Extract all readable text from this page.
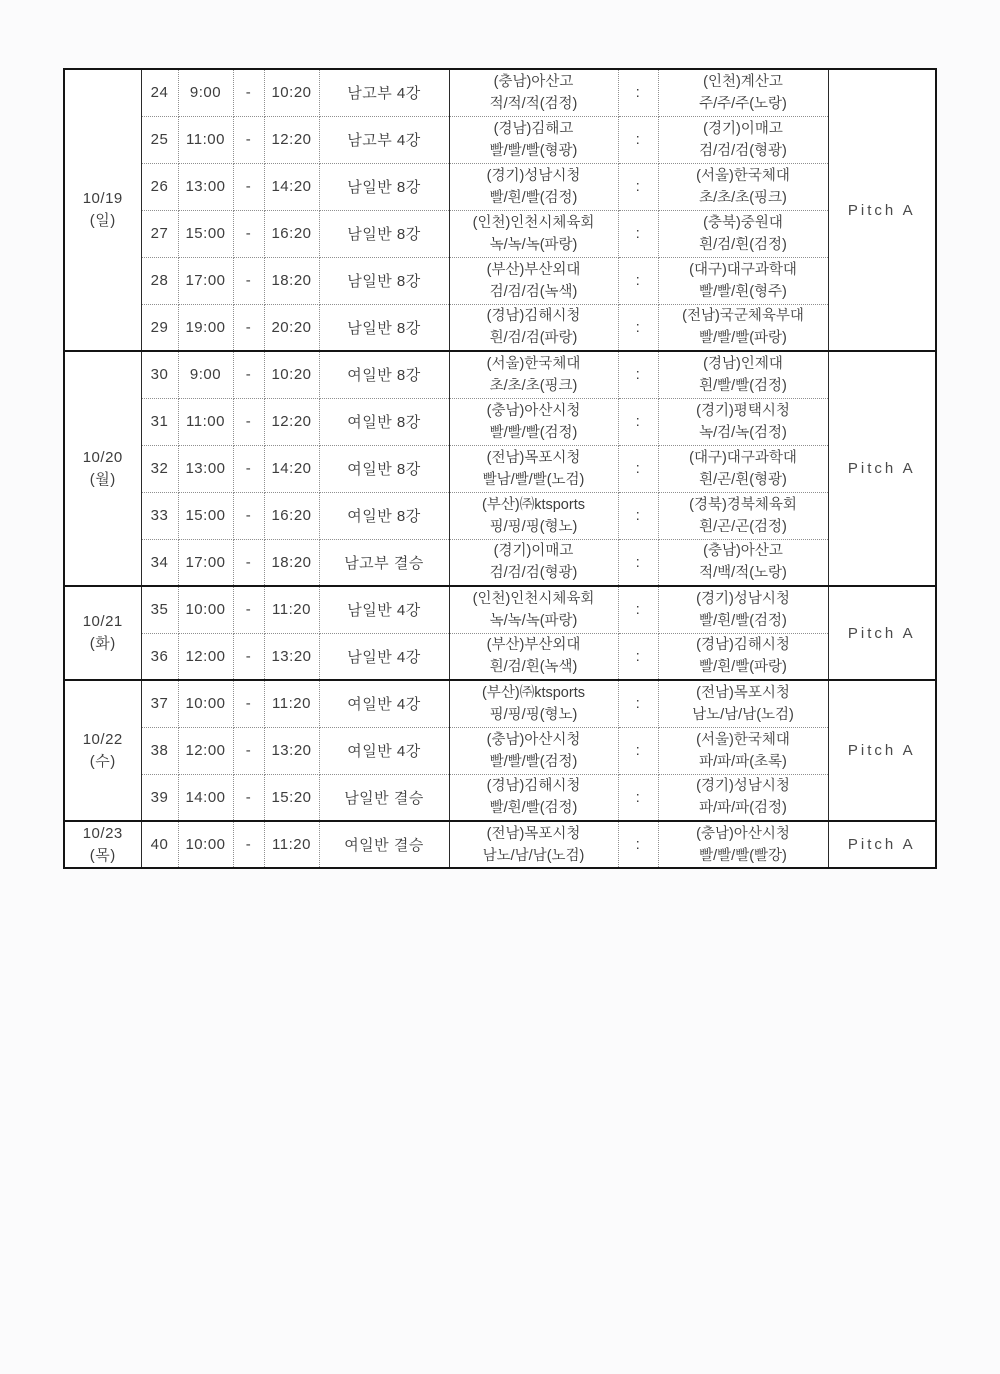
10/19
(일)
	24	9:00	-	10:20	남고부 4강	
(충남)아산고
적/적/적(검정)
	:	
(인천)계산고
주/주/주(노랑)
	Pitch A
25	11:00	-	12:20	남고부 4강	
(경남)김해고
빨/빨/빨(형광)
	:	
(경기)이매고
검/검/검(형광)

26	13:00	-	14:20	남일반 8강	
(경기)성남시청
빨/흰/빨(검정)
	:	
(서울)한국체대
초/초/초(핑크)

27	15:00	-	16:20	남일반 8강	
(인천)인천시체육회
녹/녹/녹(파랑)
	:	
(충북)중원대
흰/검/흰(검정)

28	17:00	-	18:20	남일반 8강	
(부산)부산외대
검/검/검(녹색)
	:	
(대구)대구과학대
빨/빨/흰(형주)

29	19:00	-	20:20	남일반 8강	
(경남)김해시청
흰/검/검(파랑)
	:	
(전남)국군체육부대
빨/빨/빨(파랑)

10/20
(월)
	30	9:00	-	10:20	여일반 8강	
(서울)한국체대
초/초/초(핑크)
	:	
(경남)인제대
흰/빨/빨(검정)
	Pitch A
31	11:00	-	12:20	여일반 8강	
(충남)아산시청
빨/빨/빨(검정)
	:	
(경기)평택시청
녹/검/녹(검정)

32	13:00	-	14:20	여일반 8강	
(전남)목포시청
빨남/빨/빨(노검)
	:	
(대구)대구과학대
흰/곤/흰(형광)

33	15:00	-	16:20	여일반 8강	
(부산)㈜ktsports
핑/핑/핑(형노)
	:	
(경북)경북체육회
흰/곤/곤(검정)

34	17:00	-	18:20	남고부 결승	
(경기)이매고
검/검/검(형광)
	:	
(충남)아산고
적/백/적(노랑)

10/21
(화)
	35	10:00	-	11:20	남일반 4강	
(인천)인천시체육회
녹/녹/녹(파랑)
	:	
(경기)성남시청
빨/흰/빨(검정)
	Pitch A
36	12:00	-	13:20	남일반 4강	
(부산)부산외대
흰/검/흰(녹색)
	:	
(경남)김해시청
빨/흰/빨(파랑)

10/22
(수)
	37	10:00	-	11:20	여일반 4강	
(부산)㈜ktsports
핑/핑/핑(형노)
	:	
(전남)목포시청
남노/남/남(노검)
	Pitch A
38	12:00	-	13:20	여일반 4강	
(충남)아산시청
빨/빨/빨(검정)
	:	
(서울)한국체대
파/파/파(초록)

39	14:00	-	15:20	남일반 결승	
(경남)김해시청
빨/흰/빨(검정)
	:	
(경기)성남시청
파/파/파(검정)

10/23
(목)
	40	10:00	-	11:20	여일반 결승	
(전남)목포시청
남노/남/남(노검)
	:	
(충남)아산시청
빨/빨/빨(빨강)
	Pitch A
